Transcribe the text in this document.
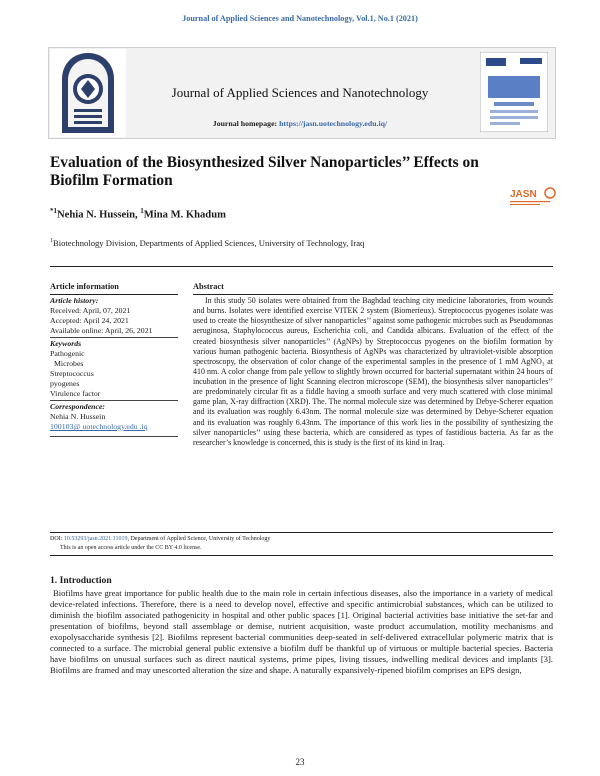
Journal of Applied Sciences and Nanotechnology, Vol.1, No.1 (2021)
Journal of Applied Sciences and Nanotechnology
Journal homepage: https://jasn.uotechnology.edu.iq/
Evaluation of the Biosynthesized Silver Nanoparticles’’ Effects on Biofilm Formation
JASN
$^{*1}$Nehia N. Hussein, $^1$Mina M. Khadum
$^1$Biotechnology Division, Departments of Applied Sciences, University of Technology, Iraq
Article information
Article history:
Received: April, 07, 2021
Accepted: April 24, 2021
Available online: April, 26, 2021
Keywords
Pathogenic
Microbes
Streptococcus
pyogenes
Virulence factor
Correspondence:
Nehia N. Hussein
100103@ uotechnology.edu .iq
Abstract
In this study 50 isolates were obtained from the Baghdad teaching city medicine laboratories, from wounds and burns. Isolates were identified exercise VITEK 2 system (Biomerieux). Streptococcus pyogenes isolate was used to create the biosynthesize of silver nanoparticles’’ against some pathogenic microbes such as Pseudomonas aeruginosa, Staphylococcus aureus, Escherichia coli, and Candida albicans. Evaluation of the effect of the created biosynthesis silver nanoparticles’’ (AgNPs) by Streptococcus pyogenes on the biofilm formation by various human pathogenic bacteria. Biosynthesis of AgNPs was characterized by ultraviolet-visible absorption spectroscopy, the observation of color change of the experimental samples in the presence of 1 mM AgNO₃ at 410 nm. A color change from pale yellow to slightly brown occurred for bacterial supernatant within 24 hours of incubation in the presence of light Scanning electron microscope (SEM), the biosynthesis silver nanoparticles’’ are predominately circular fit as a fiddle having a smooth surface and very much scattered with close minimal game plan, X-ray diffraction (XRD). The. The normal molecule size was determined by Debye-Scherer equation and its evaluation was roughly 6.43nm. The normal molecule size was determined by Debye-Scherer equation and its evaluation was roughly 6.43nm. The importance of this work lies in the possibility of synthesizing the silver nanoparticles’’ using these bacteria, which are considered as types of fastidious bacteria. As far as the researcher’s knowledge is concerned, this is study is the first of its kind in Iraq.
DOI: 10.53293/jasn.2021.11019, Department of Applied Science, University of Technology
This is an open access article under the CC BY 4.0 license.
1. Introduction
Biofilms have great importance for public health due to the main role in certain infectious diseases, also the importance in a variety of medical device-related infections. Therefore, there is a need to develop novel, effective and specific antimicrobial substances, which can be utilized to diminish the biofilm associated pathogenicity in hospital and other public spaces [1]. Original bacterial activities base initiative the set-far and presentation of biofilms, beyond stall assemblage or demise, nutrient acquisition, waste product accumulation, motility mechanisms and exopolysaccharide synthesis [2]. Biofilms represent bacterial communities deep-seated in self-delivered extracellular polymeric matrix that is connected to a surface. The microbial general public extensive a biofilm duff be thankful up of virtuous or multiple bacterial species. Bacteria have biofilms on unusual surfaces such as direct nautical systems, prime pipes, living tissues, indwelling medical devices and implants [3]. Biofilms are framed and may unescorted alteration the size and shape. A naturally expansively-ripened biofilm comprises an EPS design,
23
